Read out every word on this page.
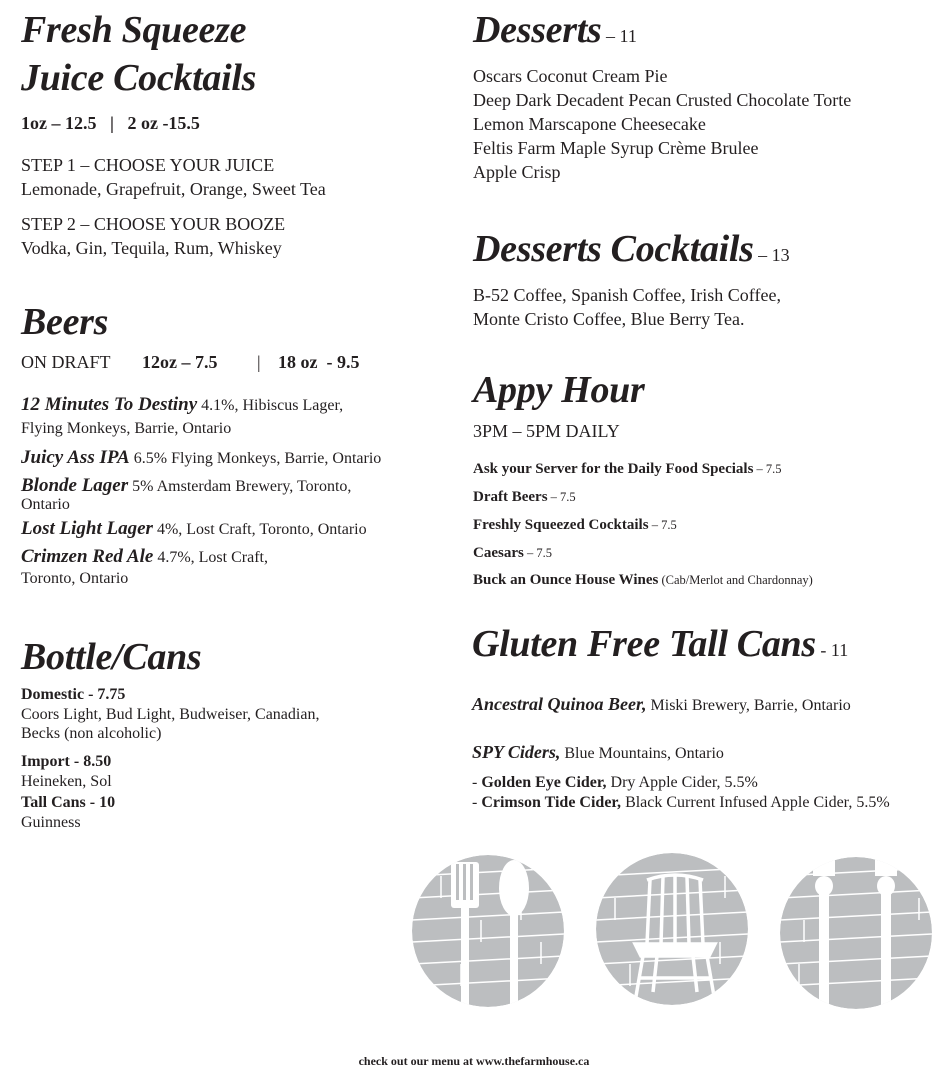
Fresh Squeeze
Juice Cocktails
1oz – 12.5   |   2 oz -15.5
STEP 1 – CHOOSE YOUR JUICE
Lemonade, Grapefruit, Orange, Sweet Tea
STEP 2 – CHOOSE YOUR BOOZE
Vodka, Gin, Tequila, Rum, Whiskey
Beers
ON DRAFT 12oz – 7.5 | 18 oz  - 9.5
12 Minutes To Destiny 4.1%, Hibiscus Lager,
Flying Monkeys, Barrie, Ontario
Juicy Ass IPA 6.5% Flying Monkeys, Barrie, Ontario
Blonde Lager 5% Amsterdam Brewery, Toronto,
Ontario
Lost Light Lager 4%, Lost Craft, Toronto, Ontario
Crimzen Red Ale 4.7%, Lost Craft,
Toronto, Ontario
Bottle/Cans
Domestic - 7.75
Coors Light, Bud Light, Budweiser, Canadian,
Becks (non alcoholic)
Import - 8.50
Heineken, Sol
Tall Cans - 10
Guinness
Desserts – 11
Oscars Coconut Cream Pie
Deep Dark Decadent Pecan Crusted Chocolate Torte
Lemon Marscapone Cheesecake
Feltis Farm Maple Syrup Crème Brulee
Apple Crisp
Desserts Cocktails – 13
B-52 Coffee, Spanish Coffee, Irish Coffee,
Monte Cristo Coffee, Blue Berry Tea.
Appy Hour
3PM – 5PM DAILY
Ask your Server for the Daily Food Specials – 7.5
Draft Beers – 7.5
Freshly Squeezed Cocktails – 7.5
Caesars – 7.5
Buck an Ounce House Wines (Cab/Merlot and Chardonnay)
Gluten Free Tall Cans - 11
Ancestral Quinoa Beer, Miski Brewery, Barrie, Ontario
SPY Ciders, Blue Mountains, Ontario
- Golden Eye Cider, Dry Apple Cider, 5.5%
- Crimson Tide Cider, Black Current Infused Apple Cider, 5.5%
check out our menu at www.thefarmhouse.ca
